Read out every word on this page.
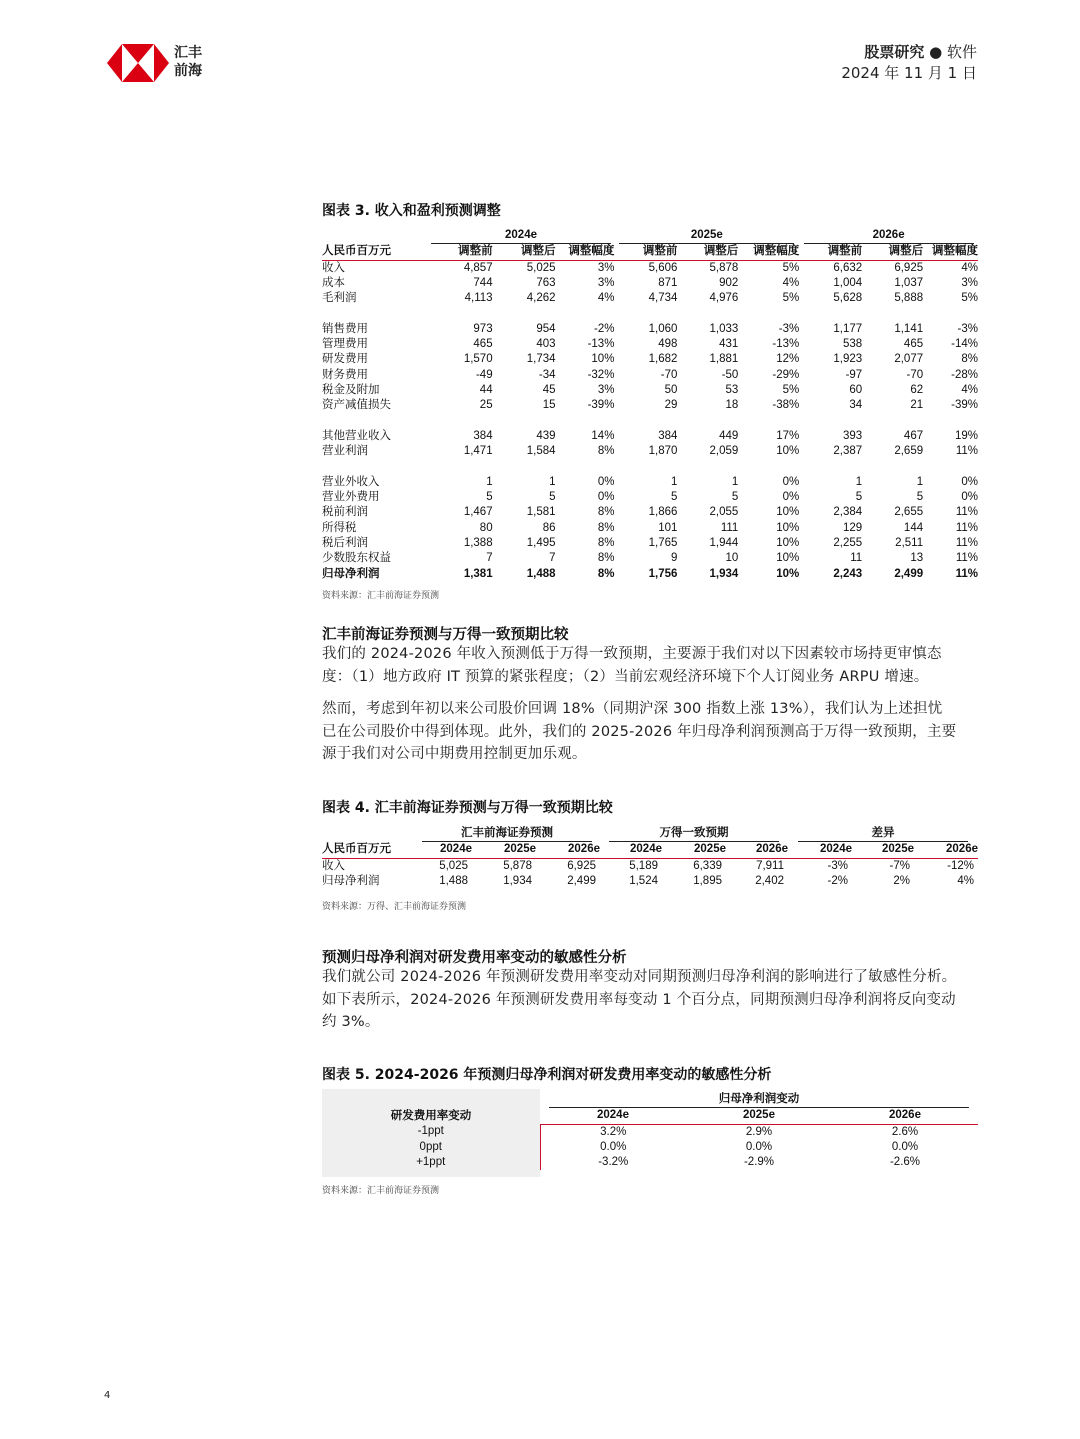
汇丰
前海
股票研究 ● 软件
2024 年 11 月 1 日
图表 3. 收入和盈利预测调整
	2024e			2025e			2026e		
人民币百万元	调整前	调整后	调整幅度	调整前	调整后	调整幅度	调整前	调整后	调整幅度
收入	4,857	5,025	3%	5,606	5,878	5%	6,632	6,925	4%
成本	744	763	3%	871	902	4%	1,004	1,037	3%
毛利润	4,113	4,262	4%	4,734	4,976	5%	5,628	5,888	5%

销售费用	973	954	-2%	1,060	1,033	-3%	1,177	1,141	-3%
管理费用	465	403	-13%	498	431	-13%	538	465	-14%
研发费用	1,570	1,734	10%	1,682	1,881	12%	1,923	2,077	8%
财务费用	-49	-34	-32%	-70	-50	-29%	-97	-70	-28%
税金及附加	44	45	3%	50	53	5%	60	62	4%
资产减值损失	25	15	-39%	29	18	-38%	34	21	-39%

其他营业收入	384	439	14%	384	449	17%	393	467	19%
营业利润	1,471	1,584	8%	1,870	2,059	10%	2,387	2,659	11%

营业外收入	1	1	0%	1	1	0%	1	1	0%
营业外费用	5	5	0%	5	5	0%	5	5	0%
税前利润	1,467	1,581	8%	1,866	2,055	10%	2,384	2,655	11%
所得税	80	86	8%	101	111	10%	129	144	11%
税后利润	1,388	1,495	8%	1,765	1,944	10%	2,255	2,511	11%
少数股东权益	7	7	8%	9	10	10%	11	13	11%
归母净利润	1,381	1,488	8%	1,756	1,934	10%	2,243	2,499	11%
资料来源：汇丰前海证券预测
汇丰前海证券预测与万得一致预期比较
我们的 2024-2026 年收入预测低于万得一致预期，主要源于我们对以下因素较市场持更审慎态
度：（1）地方政府 IT 预算的紧张程度；（2）当前宏观经济环境下个人订阅业务 ARPU 增速。
然而，考虑到年初以来公司股价回调 18%（同期沪深 300 指数上涨 13%），我们认为上述担忧
已在公司股价中得到体现。此外，我们的 2025-2026 年归母净利润预测高于万得一致预期，主要
源于我们对公司中期费用控制更加乐观。
图表 4. 汇丰前海证券预测与万得一致预期比较
	汇丰前海证券预测			万得一致预期			差异		
人民币百万元	2024e	2025e	2026e	2024e	2025e	2026e	2024e	2025e	2026e
收入	5,025	5,878	6,925	5,189	6,339	7,911	-3%	-7%	-12%
归母净利润	1,488	1,934	2,499	1,524	1,895	2,402	-2%	2%	4%
资料来源：万得、汇丰前海证券预测
预测归母净利润对研发费用率变动的敏感性分析
我们就公司 2024-2026 年预测研发费用率变动对同期预测归母净利润的影响进行了敏感性分析。
如下表所示，2024-2026 年预测研发费用率每变动 1 个百分点，同期预测归母净利润将反向变动
约 3%。
图表 5. 2024-2026 年预测归母净利润对研发费用率变动的敏感性分析
	归母净利润变动		
研发费用率变动	2024e	2025e	2026e
-1ppt	3.2%	2.9%	2.6%
0ppt	0.0%	0.0%	0.0%
+1ppt	-3.2%	-2.9%	-2.6%
资料来源：汇丰前海证券预测
4
